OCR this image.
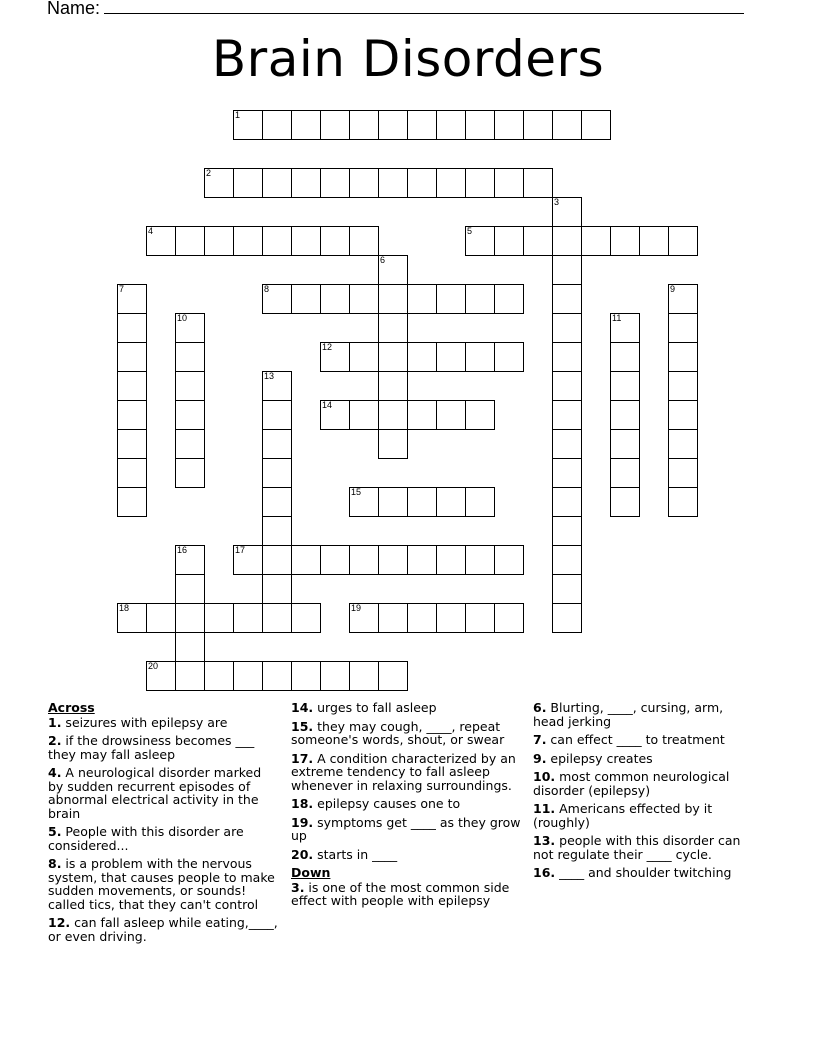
Name:
Brain Disorders
1
2
3
4	5
6
7	8	9
10	11
12
13
14
15
16	17
18	19
20
Across
1. seizures with epilepsy are
2. if the drowsiness becomes ___ they may fall asleep
4. A neurological disorder marked by sudden recurrent episodes of abnormal electrical activity in the brain
5. People with this disorder are considered...
8. is a problem with the nervous system, that causes people to make sudden movements, or sounds! called tics, that they can't control
12. can fall asleep while eating,____, or even driving.
14. urges to fall asleep
15. they may cough, ____, repeat someone's words, shout, or swear
17. A condition characterized by an extreme tendency to fall asleep whenever in relaxing surroundings.
18. epilepsy causes one to
19. symptoms get ____ as they grow up
20. starts in ____
Down
3. is one of the most common side effect with people with epilepsy
6. Blurting, ____, cursing, arm, head jerking
7. can effect ____ to treatment
9. epilepsy creates
10. most common neurological disorder (epilepsy)
11. Americans effected by it (roughly)
13. people with this disorder can not regulate their ____ cycle.
16. ____ and shoulder twitching
